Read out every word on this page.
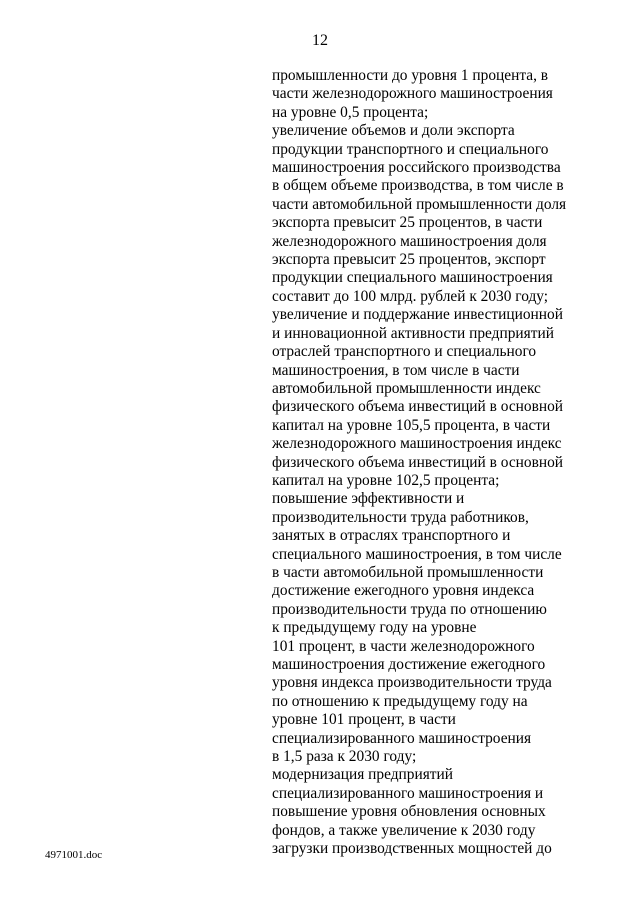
12
промышленности до уровня 1 процента, в
части железнодорожного машиностроения
на уровне 0,5 процента;
увеличение объемов и доли экспорта
продукции транспортного и специального
машиностроения российского производства
в общем объеме производства, в том числе в
части автомобильной промышленности доля
экспорта превысит 25 процентов, в части
железнодорожного машиностроения доля
экспорта превысит 25 процентов, экспорт
продукции специального машиностроения
составит до 100 млрд. рублей к 2030 году;
увеличение и поддержание инвестиционной
и инновационной активности предприятий
отраслей транспортного и специального
машиностроения, в том числе в части
автомобильной промышленности индекс
физического объема инвестиций в основной
капитал на уровне 105,5 процента, в части
железнодорожного машиностроения индекс
физического объема инвестиций в основной
капитал на уровне 102,5 процента;
повышение эффективности и
производительности труда работников,
занятых в отраслях транспортного и
специального машиностроения, в том числе
в части автомобильной промышленности
достижение ежегодного уровня индекса
производительности труда по отношению
к предыдущему году на уровне
101 процент, в части железнодорожного
машиностроения достижение ежегодного
уровня индекса производительности труда
по отношению к предыдущему году на
уровне 101 процент, в части
специализированного машиностроения
в 1,5 раза к 2030 году;
модернизация предприятий
специализированного машиностроения и
повышение уровня обновления основных
фондов, а также увеличение к 2030 году
загрузки производственных мощностей до
4971001.doc
